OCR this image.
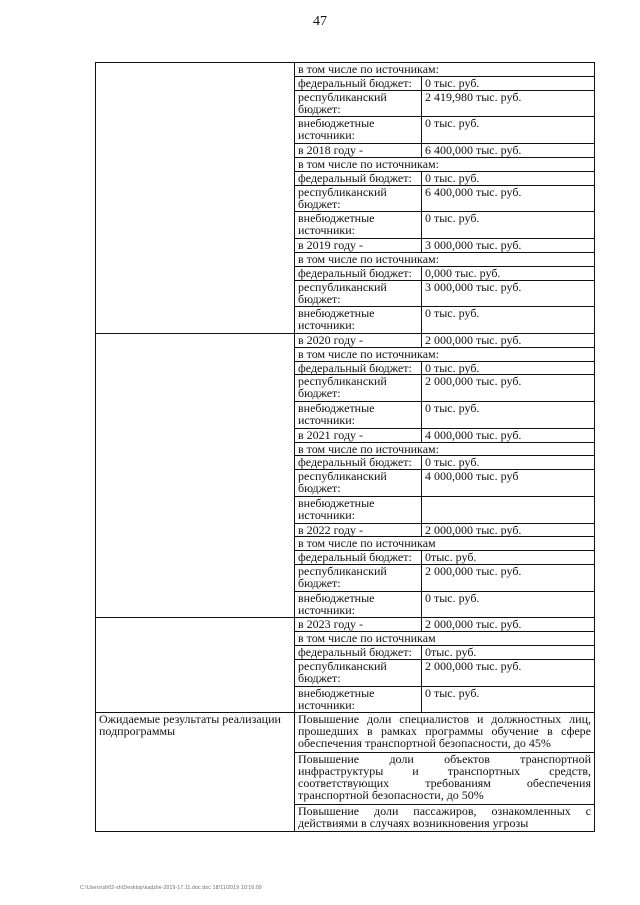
47
	в том числе по источникам:	
	федеральный бюджет:	0 тыс. руб.
	республиканский бюджет:	2 419,980 тыс. руб.
	внебюджетные источники:	0 тыс. руб.
	в 2018 году -	6 400,000 тыс. руб.
	в том числе по источникам:	
	федеральный бюджет:	0 тыс. руб.
	республиканский бюджет:	6 400,000 тыс. руб.
	внебюджетные источники:	0 тыс. руб.
	в 2019 году -	3 000,000 тыс. руб.
	в том числе по источникам:	
	федеральный бюджет:	0,000 тыс. руб.
	республиканский бюджет:	3 000,000 тыс. руб.
	внебюджетные источники:	0 тыс. руб.
	в 2020 году -	2 000,000 тыс. руб.
	в том числе по источникам:	
	федеральный бюджет:	0 тыс. руб.
	республиканский бюджет:	2 000,000 тыс. руб.
	внебюджетные источники:	0 тыс. руб.
	в 2021 году -	4 000,000 тыс. руб.
	в том числе по источникам:	
	федеральный бюджет:	0 тыс. руб.
	республиканский бюджет:	4 000,000 тыс. руб
	внебюджетные источники:	
	в 2022 году -	2 000,000 тыс. руб.
	в том числе по источникам	
	федеральный бюджет:	0тыс. руб.
	республиканский бюджет:	2 000,000 тыс. руб.
	внебюджетные источники:	0 тыс. руб.
	в 2023 году -	2 000,000 тыс. руб.
	в том числе по источникам	
	федеральный бюджет:	0тыс. руб.
	республиканский бюджет:	2 000,000 тыс. руб.
	внебюджетные источники:	0 тыс. руб.
Ожидаемые результаты реализации подпрограммы	Повышение доли специалистов и должностных лиц, прошедших в рамках программы обучение в сфере обеспечения транспортной безопасности, до 45%	
	Повышение доли объектов транспортной инфраструктуры и транспортных средств, соответствующих требованиям обеспечения транспортной безопасности, до 50%	
	Повышение доли пассажиров, ознакомленных с действиями в случаях возникновения угрозы	
С:\Users\sh02-sh\Desktop\kadzlie-2019-17.11.doc.doc 18/11/2019 10:16:09
